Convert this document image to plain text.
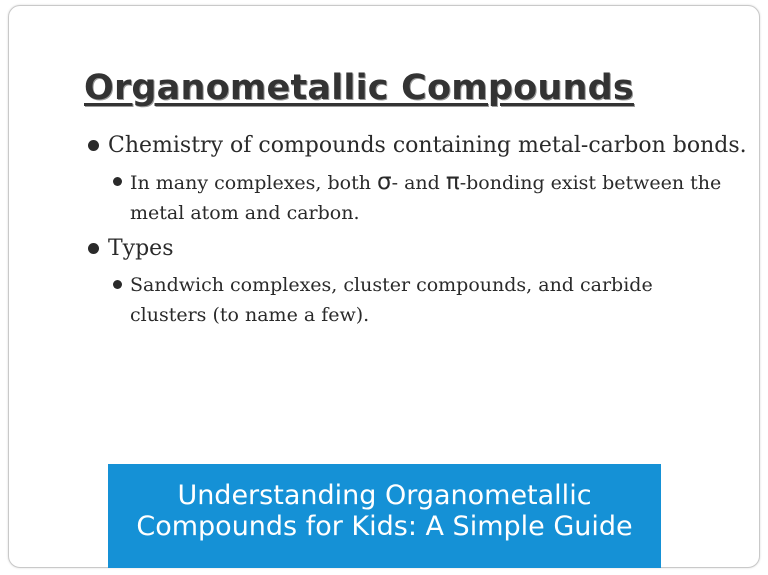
Organometallic Compounds
Chemistry of compounds containing metal-carbon bonds.
In many complexes, both σ- and π-bonding exist between the metal atom and carbon.
Types
Sandwich complexes, cluster compounds, and carbide clusters (to name a few).
Understanding Organometallic Compounds for Kids: A Simple Guide
